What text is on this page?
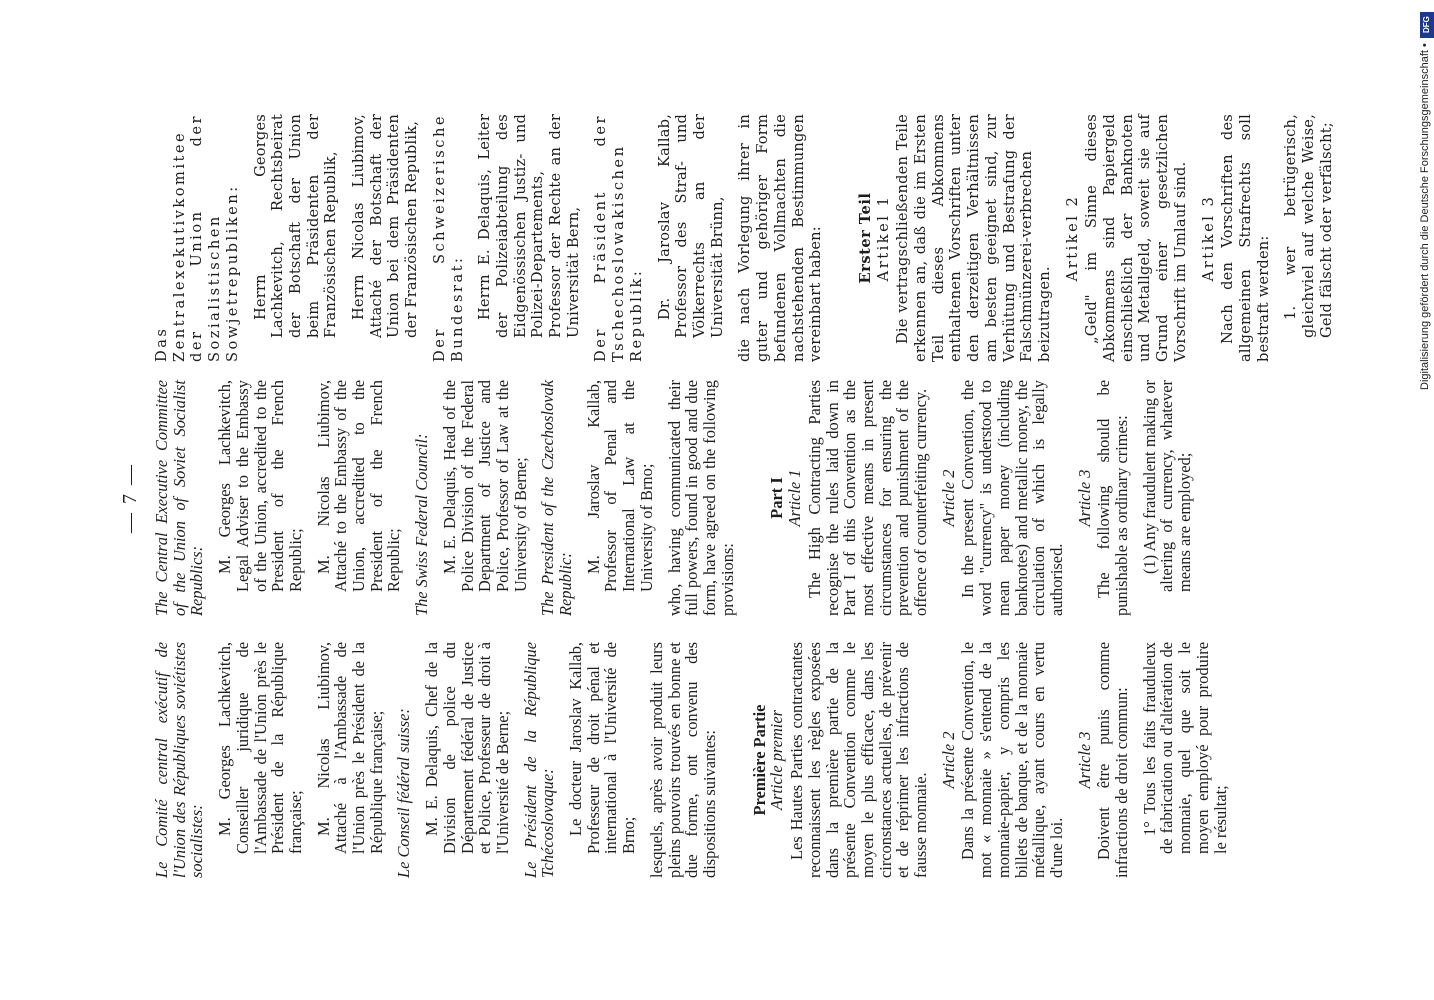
— 7 —

Le Comité central exécutif de l'Union des Républiques soviétistes socialistes:

M. Georges Lachkevitch, Conseiller juridique de l'Ambassade de l'Union près le Président de la République française; M. Nicolas Liubimov, Attaché à l'Ambassade de l'Union près le Président de la République française; Le Conseil fédéral suisse: M. E. Delaquis, Chef de la Division de police du Département fédéral de Justice et Police, Professeur de droit à l'Université de Berne; Le Président de la République Tchécoslovaque: Le docteur Jaroslav Kallab, Professeur de droit pénal et international à l'Université de Brno; lesquels, après avoir produit leurs pleins pouvoirs trouvés en bonne et due forme, ont convenu des dispositions suivantes: Première Partie

Article premier Les Hautes Parties contractantes reconnaissent les règles exposées dans la première partie de la présente Convention comme le moyen le plus efficace, dans les circonstances actuelles, de prévenir et de réprimer les infractions de fausse monnaie.

Article 2 Dans la présente Convention, le mot « monnaie » s'entend de la monnaie-papier, y compris les billets de banque, et de la monnaie métallique, ayant cours en vertu d'une loi.

Article 3 Doivent être punis comme infractions de droit commun: 1° Tous les faits frauduleux de fabrication ou d'altération de monnaie, quel que soit le moyen employé pour produire le résultat;

The Central Executive Committee of the Union of Soviet Socialist Republics:

M. Georges Lachkevitch, Legal Adviser to the Embassy of the Union, accredited to the President of the French Republic; M. Nicolas Liubimov, Attaché to the Embassy of the Union, accredited to the President of the French Republic; The Swiss Federal Council: M. E. Delaquis, Head of the Police Division of the Federal Department of Justice and Police, Professor of Law at the University of Berne; The President of the Czechoslovak Republic:

M. Jaroslav Kallab, Professor of Penal and International Law at the University of Brno; who, having communicated their full powers, found in good and due form, have agreed on the following provisions:

Part I

Article 1 The High Contracting Parties recognise the rules laid down in Part I of this Convention as the most effective means in present circumstances for ensuring the prevention and punishment of the offence of counterfeiting currency. Article 2 In the present Convention, the word "currency" is understood to mean paper money (including banknotes) and metallic money, the circulation of which is legally authorised.

Article 3 The following should be punishable as ordinary crimes: (1) Any fraudulent making or altering of currency, whatever means are employed;

Das Zentralexekutivkomitee der Union der Sozialistischen Sowjetrepubliken: Herrn Georges Lachkevitch, Rechtsbeirat der Botschaft der Union beim Präsidenten der Französischen Republik, Herrn Nicolas Liubimov, Attaché der Botschaft der Union bei dem Präsidenten der Französischen Republik, Der Schweizerische Bundesrat: Herrn E. Delaquis, Leiter der Polizeiabteilung des Eidgenössischen Justiz- und Polizei-Departements, Professor der Rechte an der Universität Bern, Der Präsident der Tschechoslowakischen Republik: Dr. Jaroslav Kallab, Professor des Straf- und Völkerrechts an der Universität Brünn, die nach Vorlegung ihrer in guter und gehöriger Form befundenen Vollmachten die nachstehenden Bestimmungen vereinbart haben: Erster Teil Artikel 1 Die vertragschließenden Teile erkennen an, daß die im Ersten Teil dieses Abkommens enthaltenen Vorschriften unter den derzeitigen Verhältnissen am besten geeignet sind, zur Verhütung und Bestrafung der Falschmünzerei-verbrechen beizutragen.

Artikel 2 „Geld" im Sinne dieses Abkommens sind Papiergeld einschließlich der Banknoten und Metallgeld, soweit sie auf Grund einer gesetzlichen Vorschrift im Umlauf sind. Artikel 3 Nach den Vorschriften des allgemeinen Strafrechts soll bestraft werden: 1. wer betrügerisch, gleichviel auf welche Weise, Geld fälscht oder verfälscht;

DFG
Digitalisierung gefördert durch die Deutsche Forschungsgemeinschaft •
